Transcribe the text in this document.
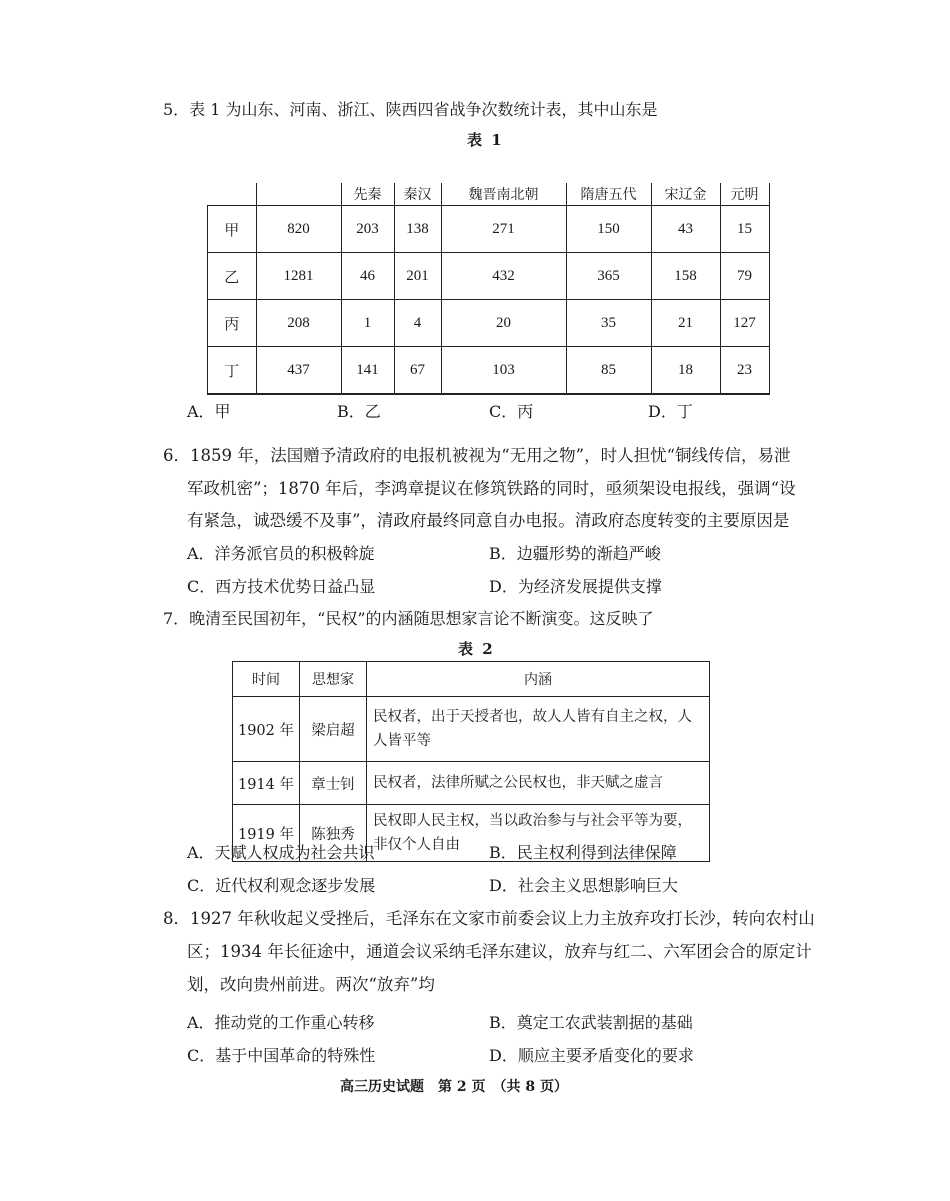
5．表 1 为山东、河南、浙江、陕西四省战争次数统计表，其中山东是
表 1
		先秦	秦汉	魏晋南北朝	隋唐五代	宋辽金	元明
甲	820	203	138	271	150	43	15
乙	1281	46	201	432	365	158	79
丙	208	1	4	20	35	21	127
丁	437	141	67	103	85	18	23
A．甲	B．乙	C．丙	D．丁
6．1859 年，法国赠予清政府的电报机被视为“无用之物”，时人担忧“铜线传信，易泄
军政机密”；1870 年后，李鸿章提议在修筑铁路的同时，亟须架设电报线，强调“设
有紧急，诚恐缓不及事”，清政府最终同意自办电报。清政府态度转变的主要原因是
A．洋务派官员的积极斡旋	B．边疆形势的渐趋严峻
C．西方技术优势日益凸显	D．为经济发展提供支撑
7．晚清至民国初年，“民权”的内涵随思想家言论不断演变。这反映了
表 2
时间	思想家	内涵
1902 年	梁启超	民权者，出于天授者也，故人人皆有自主之权，人人皆平等
1914 年	章士钊	民权者，法律所赋之公民权也，非天赋之虚言
1919 年	陈独秀	民权即人民主权，当以政治参与与社会平等为要，非仅个人自由
A．天赋人权成为社会共识	B．民主权利得到法律保障
C．近代权利观念逐步发展	D．社会主义思想影响巨大
8．1927 年秋收起义受挫后，毛泽东在文家市前委会议上力主放弃攻打长沙，转向农村山
区；1934 年长征途中，通道会议采纳毛泽东建议，放弃与红二、六军团会合的原定计
划，改向贵州前进。两次“放弃”均
A．推动党的工作重心转移	B．奠定工农武装割据的基础
C．基于中国革命的特殊性	D．顺应主要矛盾变化的要求
高三历史试题　第 2 页　（共 8 页）
